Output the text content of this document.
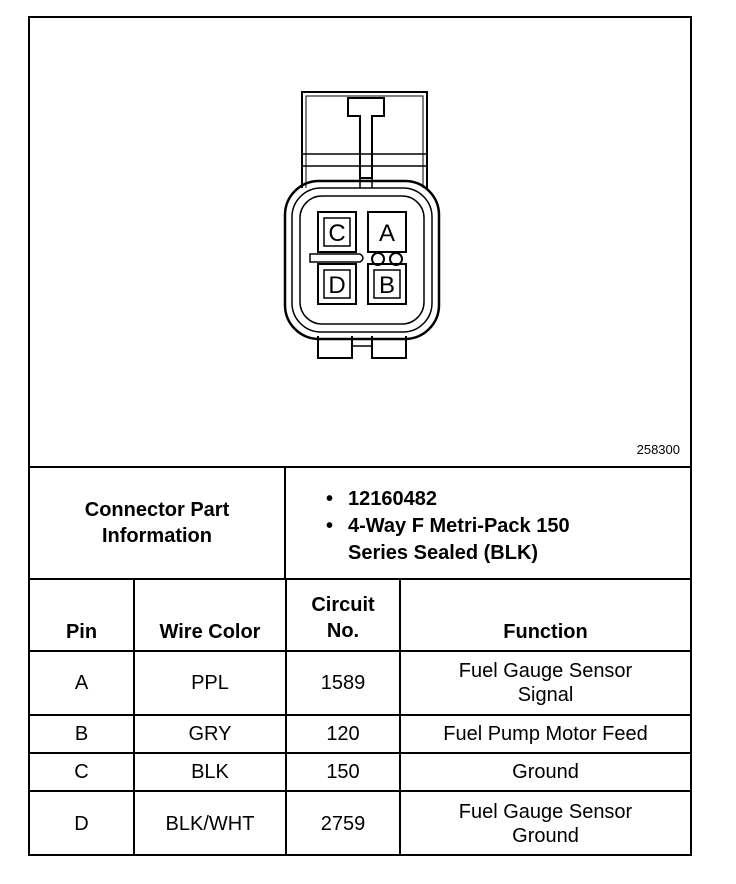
C A
D B
258300
Connector Part Information
• 12160482
• 4-Way F Metri-Pack 150
Series Sealed (BLK)
Pin	Wire Color	Circuit No.	Function
A	PPL	1589	Fuel Gauge Sensor
Signal

B	GRY	120	Fuel Pump Motor Feed

C	BLK	150	Ground

D	BLK/WHT	2759	Fuel Gauge Sensor
Ground
